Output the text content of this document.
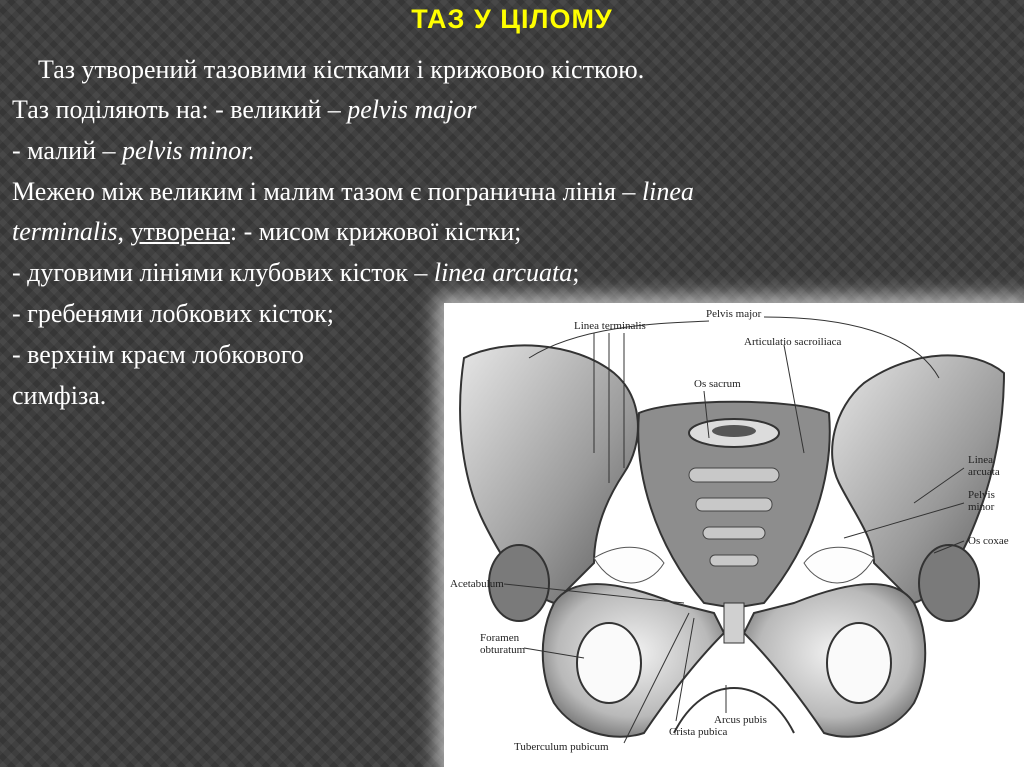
ТАЗ У ЦІЛОМУ
Таз утворений тазовими кістками і крижовою кісткою.
Таз поділяють на: - великий – pelvis major
- малий – pelvis minor.
Межею між великим і малим тазом є погранична лінія – linea
terminalis, утворена: - мисом крижової кістки;
- дуговими лініями клубових кісток – linea arcuata;
- гребенями лобкових кісток;
- верхнім краєм лобкового
симфіза.
Linea terminalis
Pelvis major
Articulatio sacroiliaca
Os sacrum
Linea
arcuata
Pelvis
minor
Os coxae
Acetabulum
Foramen
obturatum
Arcus pubis
Crista pubica
Tuberculum pubicum
